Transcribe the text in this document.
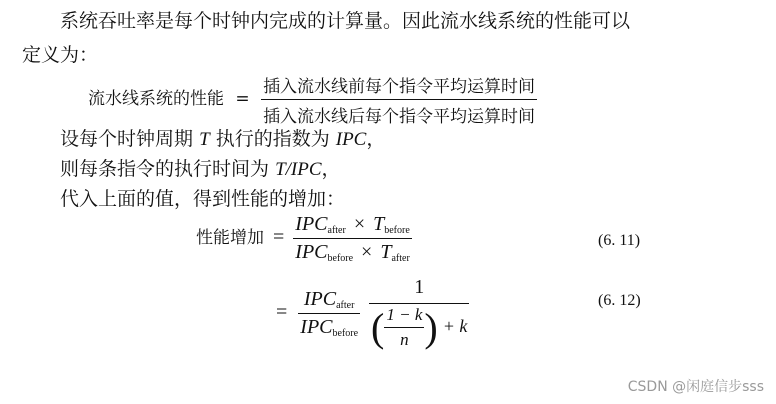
系统吞吐率是每个时钟内完成的计算量。因此流水线系统的性能可以
定义为：
流水线系统的性能 = $\frac{\text{插入流水线前每个指令平均运算时间}}{\text{插入流水线后每个指令平均运算时间}}$
设每个时钟周期 T 执行的指数为 IPC，
则每条指令的执行时间为 T/IPC，
代入上面的值，得到性能的增加：
性能增加 = $\frac{IPC_{after} \times T_{before}}{IPC_{before} \times T_{after}}$	(6. 11)
= $\frac{IPC_{after}}{IPC_{before}}$
$\frac{1}{( \frac{1 - k}{n} ) + k}$	(6. 12)
CSDN @闲庭信步sss
